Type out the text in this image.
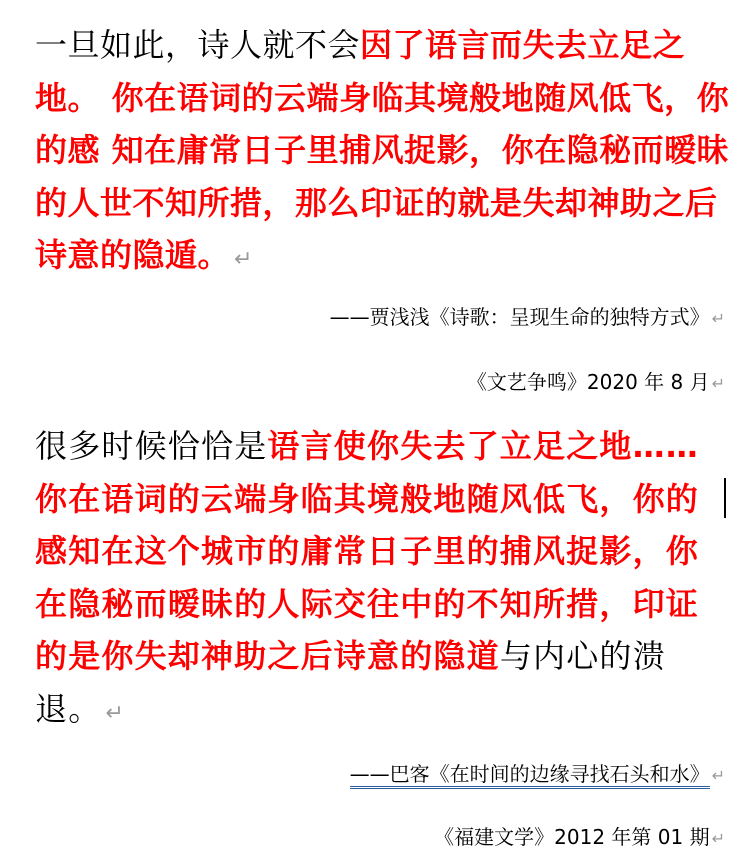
一旦如此，诗人就不会因了语言而失去立足之地。 你在语词的云端身临其境般地随风低飞，你的感 知在庸常日子里捕风捉影，你在隐秘而暧昧的人世不知所措，那么印证的就是失却神助之后诗意的隐遁。 ↵

——贾浅浅《诗歌：呈现生命的独特方式》 ↵
《文艺争鸣》2020 年 8 月 ↵

很多时候恰恰是语言使你失去了立足之地……你在语词的云端身临其境般地随风低飞，你的感知在这个城市的庸常日子里的捕风捉影，你在隐秘而暧昧的人际交往中的不知所措，印证的是你失却神助之后诗意的隐道与内心的溃退。 ↵

——巴客《在时间的边缘寻找石头和水》 ↵
《福建文学》2012 年第 01 期 ↵
